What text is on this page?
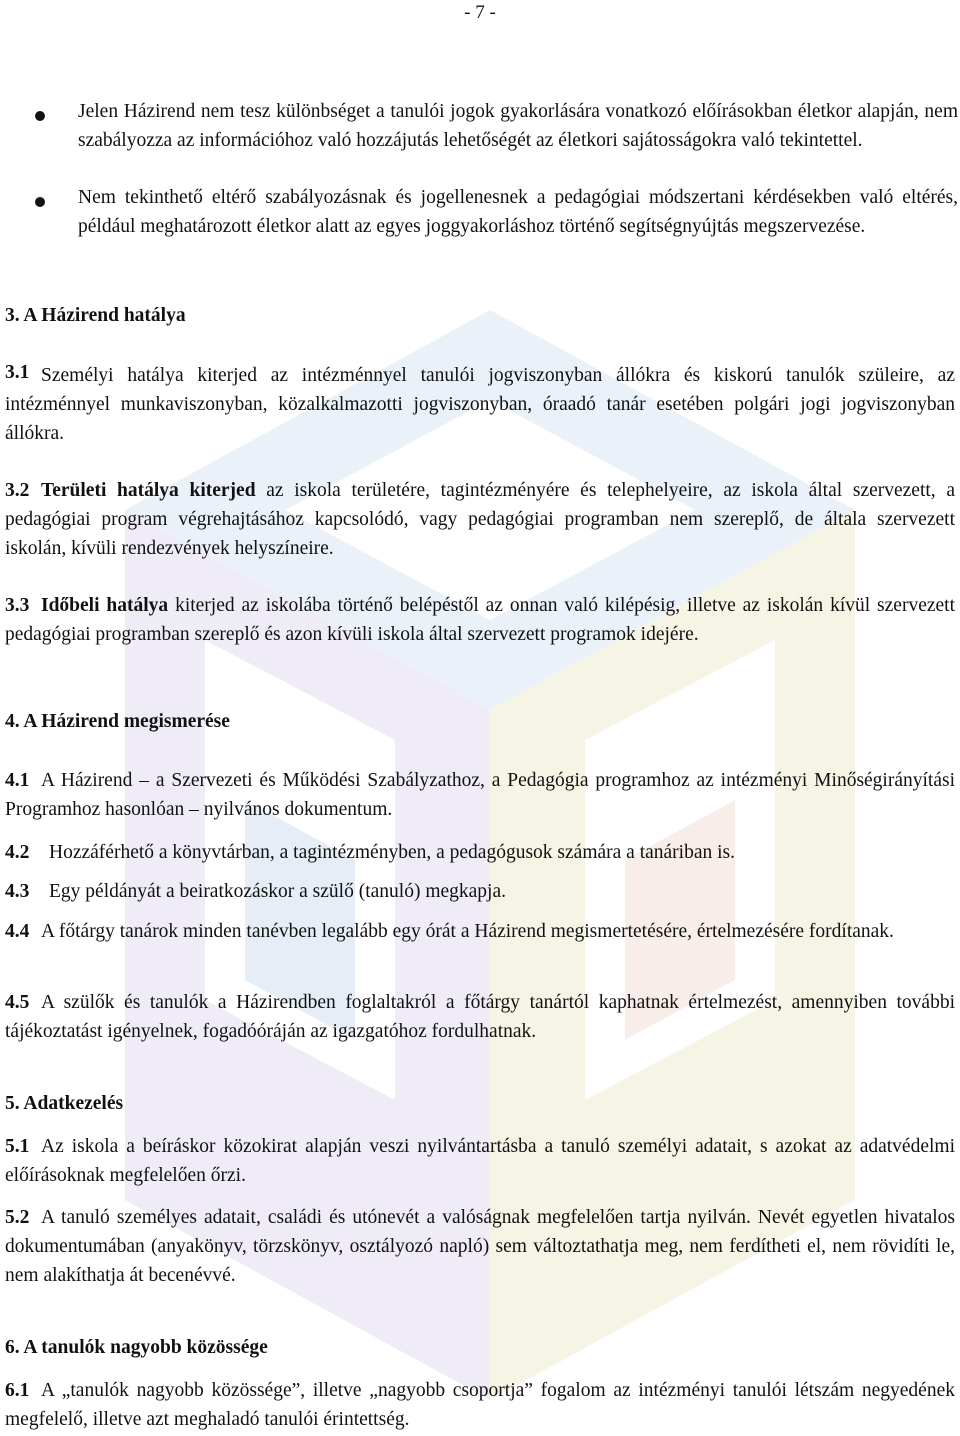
- 7 -
Jelen Házirend nem tesz különbséget a tanulói jogok gyakorlására vonatkozó előírásokban életkor alapján, nem szabályozza az információhoz való hozzájutás lehetőségét az életkori sajátosságokra való tekintettel.
Nem tekinthető eltérő szabályozásnak és jogellenesnek a pedagógiai módszertani kérdésekben való eltérés, például meghatározott életkor alatt az egyes joggyakorláshoz történő segítségnyújtás megszervezése.
3. A Házirend hatálya
3.1 Személyi hatálya kiterjed az intézménnyel tanulói jogviszonyban állókra és kiskorú tanulók szüleire, az intézménnyel munkaviszonyban, közalkalmazotti jogviszonyban, óraadó tanár esetében polgári jogi jogviszonyban állókra.
3.2 Területi hatálya kiterjed az iskola területére, tagintézményére és telephelyeire, az iskola által szervezett, a pedagógiai program végrehajtásához kapcsolódó, vagy pedagógiai programban nem szereplő, de általa szervezett iskolán, kívüli rendezvények helyszíneire.
3.3 Időbeli hatálya kiterjed az iskolába történő belépéstől az onnan való kilépésig, illetve az iskolán kívül szervezett pedagógiai programban szereplő és azon kívüli iskola által szervezett programok idejére.
4. A Házirend megismerése
4.1 A Házirend – a Szervezeti és Működési Szabályzathoz, a Pedagógia programhoz az intézményi Minőségirányítási Programhoz hasonlóan – nyilvános dokumentum.
4.2 Hozzáférhető a könyvtárban, a tagintézményben, a pedagógusok számára a tanáriban is.
4.3 Egy példányát a beiratkozáskor a szülő (tanuló) megkapja.
4.4 A főtárgy tanárok minden tanévben legalább egy órát a Házirend megismertetésére, értelmezésére fordítanak.
4.5 A szülők és tanulók a Házirendben foglaltakról a főtárgy tanártól kaphatnak értelmezést, amennyiben további tájékoztatást igényelnek, fogadóóráján az igazgatóhoz fordulhatnak.
5. Adatkezelés
5.1 Az iskola a beíráskor közokirat alapján veszi nyilvántartásba a tanuló személyi adatait, s azokat az adatvédelmi előírásoknak megfelelően őrzi.
5.2 A tanuló személyes adatait, családi és utónevét a valóságnak megfelelően tartja nyilván. Nevét egyetlen hivatalos dokumentumában (anyakönyv, törzskönyv, osztályozó napló) sem változtathatja meg, nem ferdítheti el, nem rövidíti le, nem alakíthatja át becenévvé.
6. A tanulók nagyobb közössége
6.1 A „tanulók nagyobb közössége”, illetve „nagyobb csoportja” fogalom az intézményi tanulói létszám negyedének megfelelő, illetve azt meghaladó tanulói érintettség.
